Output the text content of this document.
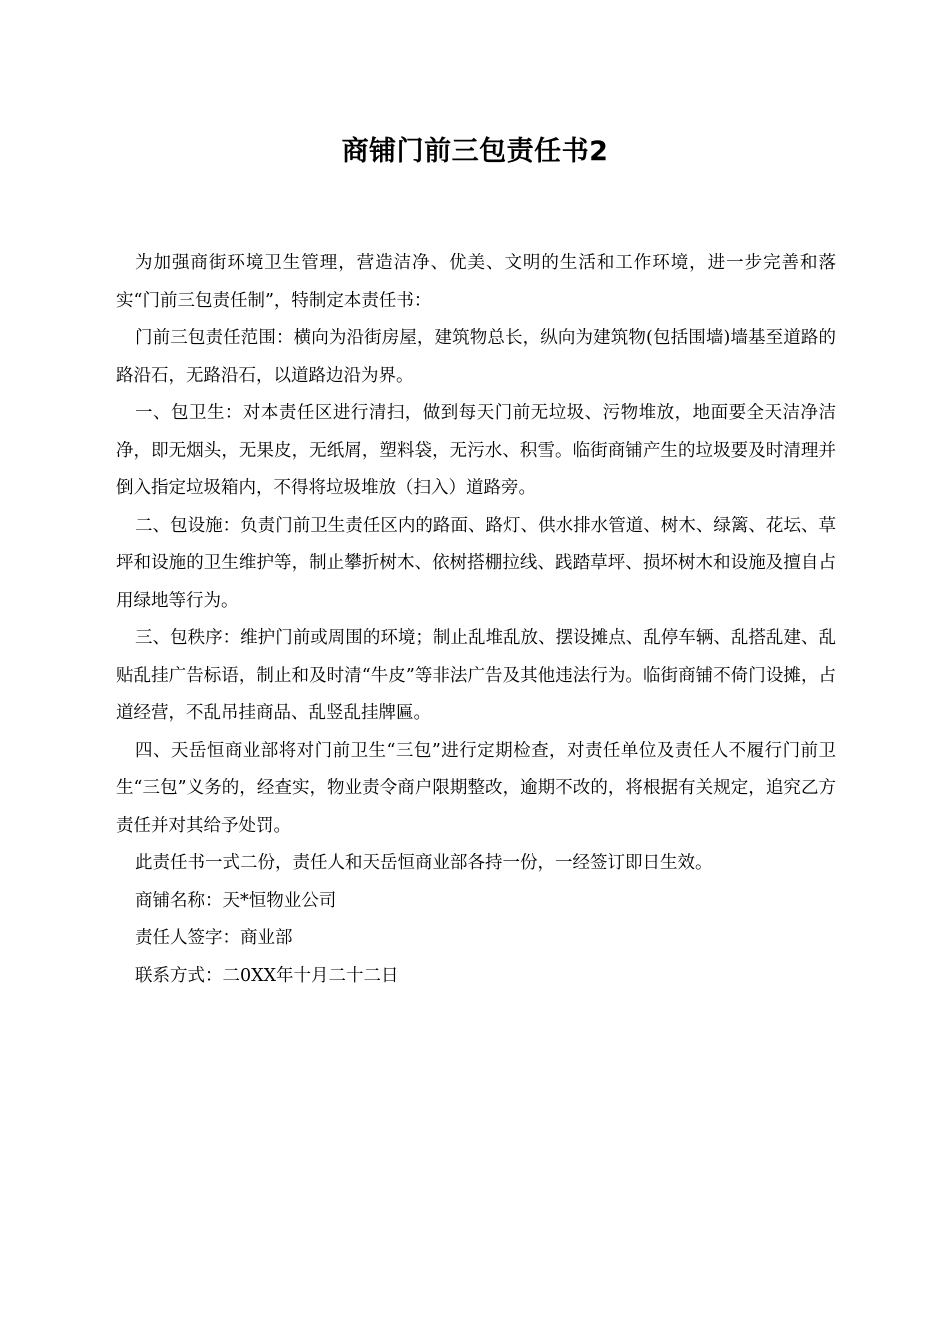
商铺门前三包责任书2

为加强商街环境卫生管理，营造洁净、优美、文明的生活和工作环境，进一步完善和落实“门前三包责任制”，特制定本责任书：

门前三包责任范围：横向为沿街房屋，建筑物总长，纵向为建筑物(包括围墙)墙基至道路的路沿石，无路沿石，以道路边沿为界。

一、包卫生：对本责任区进行清扫，做到每天门前无垃圾、污物堆放，地面要全天洁净洁净，即无烟头，无果皮，无纸屑，塑料袋，无污水、积雪。临街商铺产生的垃圾要及时清理并倒入指定垃圾箱内，不得将垃圾堆放（扫入）道路旁。

二、包设施：负责门前卫生责任区内的路面、路灯、供水排水管道、树木、绿篱、花坛、草坪和设施的卫生维护等，制止攀折树木、依树搭棚拉线、践踏草坪、损坏树木和设施及擅自占用绿地等行为。

三、包秩序：维护门前或周围的环境；制止乱堆乱放、摆设摊点、乱停车辆、乱搭乱建、乱贴乱挂广告标语，制止和及时清“牛皮”等非法广告及其他违法行为。临街商铺不倚门设摊，占道经营，不乱吊挂商品、乱竖乱挂牌匾。

四、天岳恒商业部将对门前卫生“三包”进行定期检查，对责任单位及责任人不履行门前卫生“三包”义务的，经查实，物业责令商户限期整改，逾期不改的，将根据有关规定，追究乙方责任并对其给予处罚。

此责任书一式二份，责任人和天岳恒商业部各持一份，一经签订即日生效。

商铺名称：天*恒物业公司

责任人签字：商业部

联系方式：二0XX年十月二十二日
